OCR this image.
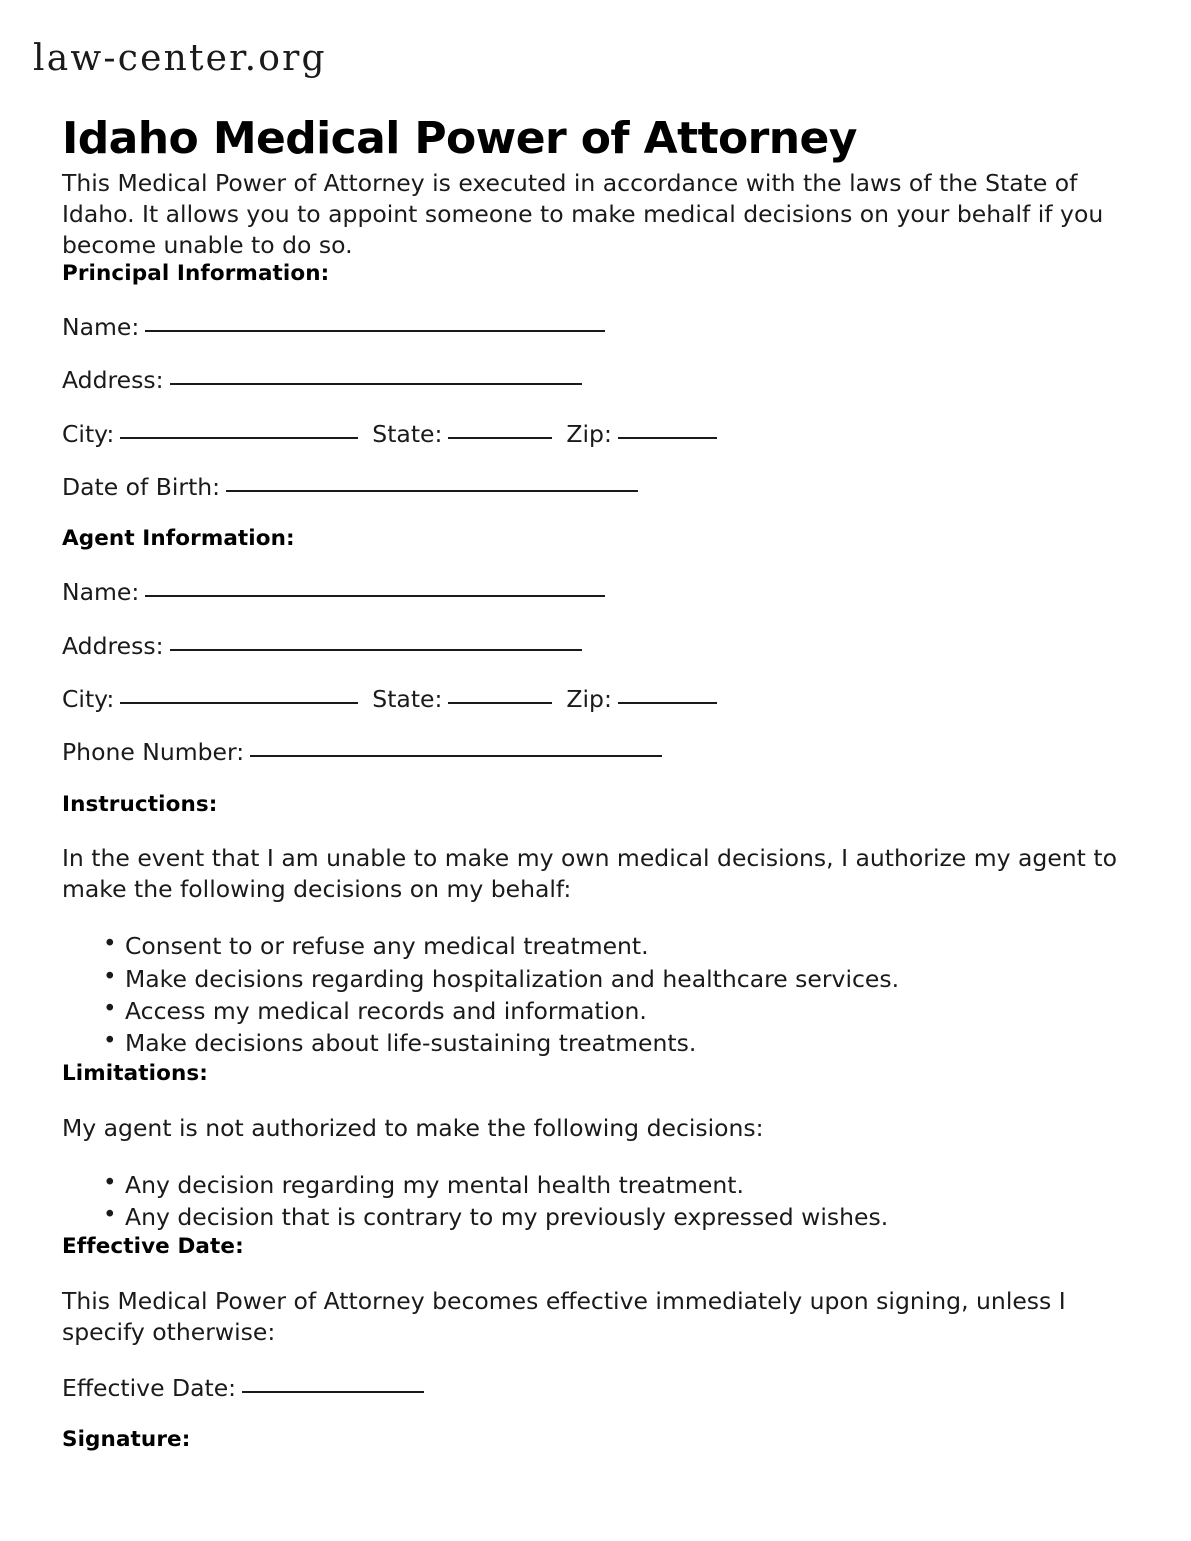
law-center.org
Idaho Medical Power of Attorney

This Medical Power of Attorney is executed in accordance with the laws of the State of Idaho. It allows you to appoint someone to make medical decisions on your behalf if you become unable to do so.

Principal Information:
Name:
Address:
City:	State:	Zip:
Date of Birth:
Agent Information:
Name:
Address:
City:	State:	Zip:
Phone Number:
Instructions:

In the event that I am unable to make my own medical decisions, I authorize my agent to make the following decisions on my behalf:

• Consent to or refuse any medical treatment.
• Make decisions regarding hospitalization and healthcare services.
• Access my medical records and information.
• Make decisions about life-sustaining treatments.
Limitations:

My agent is not authorized to make the following decisions:

• Any decision regarding my mental health treatment.
• Any decision that is contrary to my previously expressed wishes.
Effective Date:

This Medical Power of Attorney becomes effective immediately upon signing, unless I specify otherwise:

Effective Date:
Signature:
